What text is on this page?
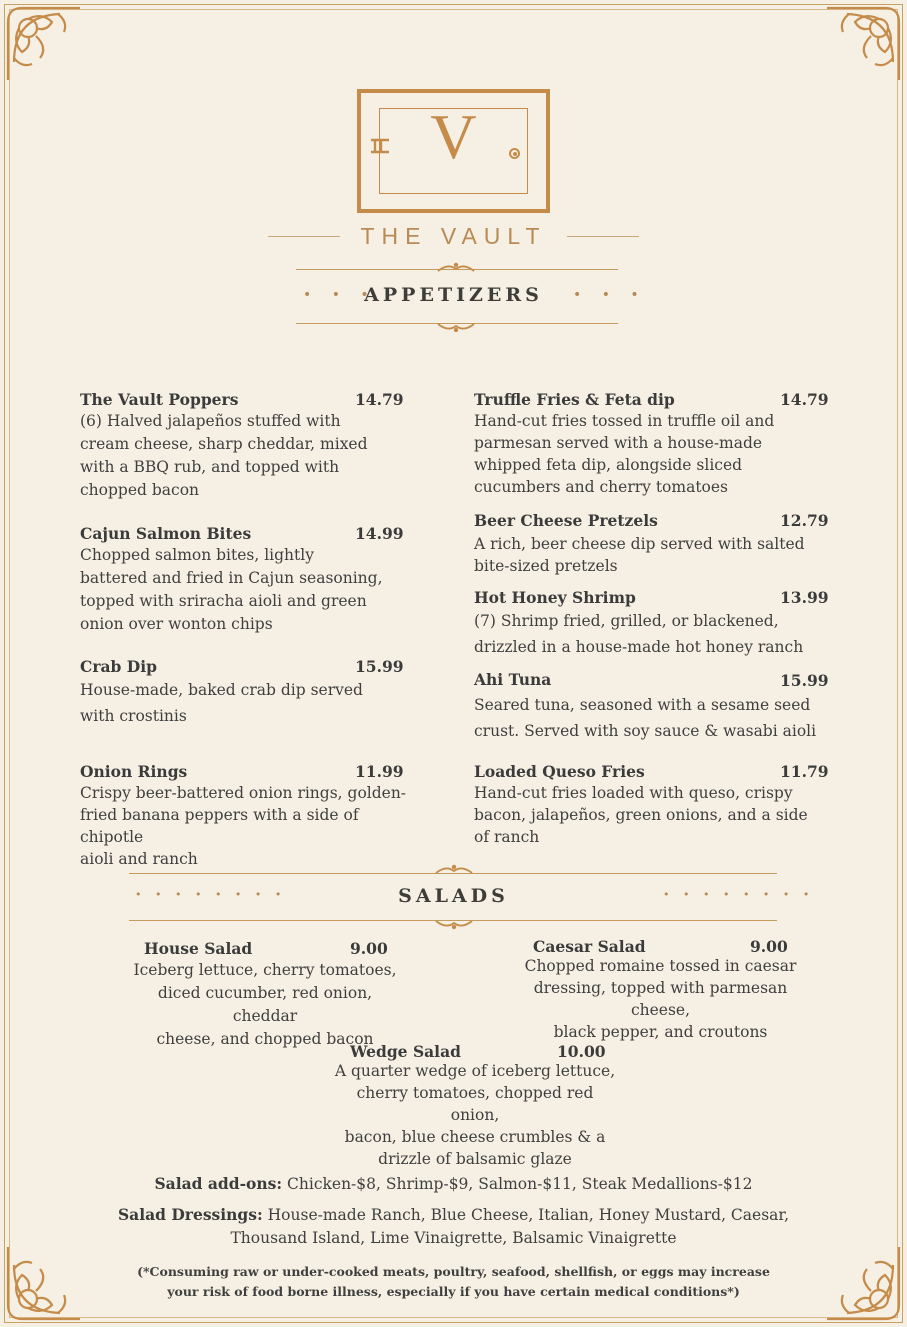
V
THE VAULT
• • •
APPETIZERS	• • •
The Vault Poppers	14.79
(6) Halved jalapeños stuffed with
cream cheese, sharp cheddar, mixed
with a BBQ rub, and topped with
chopped bacon
Cajun Salmon Bites	14.99
Chopped salmon bites, lightly
battered and fried in Cajun seasoning,
topped with sriracha aioli and green
onion over wonton chips
Crab Dip	15.99
House-made, baked crab dip served
with crostinis
Onion Rings	11.99
Crispy beer-battered onion rings, golden-
fried banana peppers with a side of chipotle
aioli and ranch
Truffle Fries & Feta dip	14.79
Hand-cut fries tossed in truffle oil and
parmesan served with a house-made
whipped feta dip, alongside sliced
cucumbers and cherry tomatoes
Beer Cheese Pretzels	12.79
A rich, beer cheese dip served with salted
bite-sized pretzels
Hot Honey Shrimp	13.99
(7) Shrimp fried, grilled, or blackened,
drizzled in a house-made hot honey ranch
Ahi Tuna	15.99
Seared tuna, seasoned with a sesame seed
crust. Served with soy sauce & wasabi aioli
Loaded Queso Fries	11.79
Hand-cut fries loaded with queso, crispy
bacon, jalapeños, green onions, and a side
of ranch
• • • • • • • •	SALADS	• • • • • • • •
House Salad	9.00
Iceberg lettuce, cherry tomatoes,
diced cucumber, red onion, cheddar
cheese, and chopped bacon
Caesar Salad	9.00
Chopped romaine tossed in caesar
dressing, topped with parmesan cheese,
black pepper, and croutons
Wedge Salad	10.00
A quarter wedge of iceberg lettuce,
cherry tomatoes, chopped red onion,
bacon, blue cheese crumbles & a
drizzle of balsamic glaze
Salad add-ons: Chicken-$8, Shrimp-$9, Salmon-$11, Steak Medallions-$12
Salad Dressings: House-made Ranch, Blue Cheese, Italian, Honey Mustard, Caesar,
Thousand Island, Lime Vinaigrette, Balsamic Vinaigrette
(*Consuming raw or under-cooked meats, poultry, seafood, shellfish, or eggs may increase
your risk of food borne illness, especially if you have certain medical conditions*)
